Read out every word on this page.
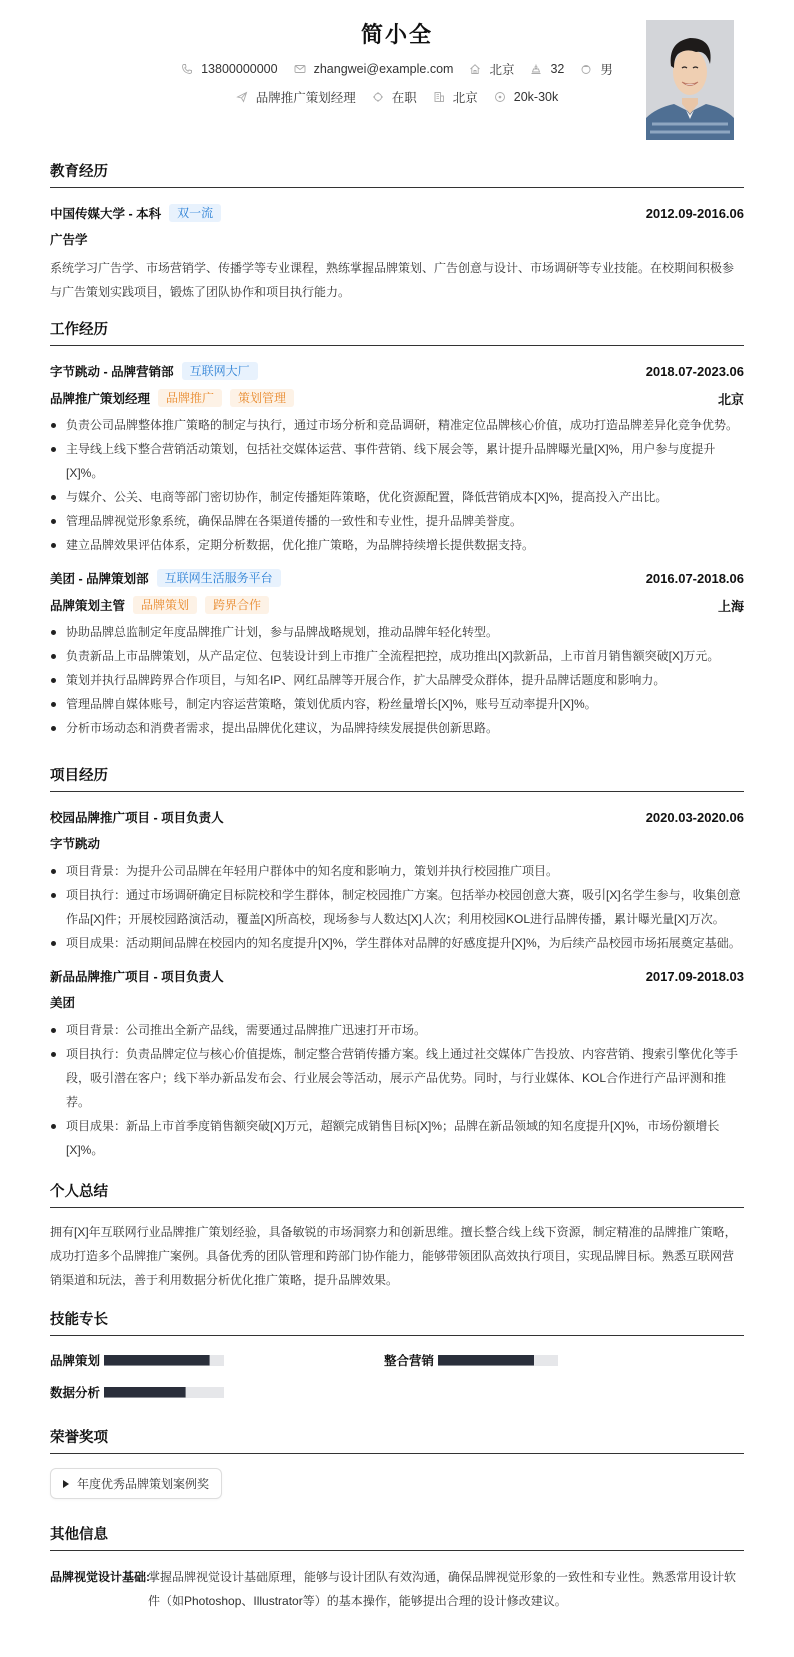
简小全
13800000000	zhangwei@example.com	北京	32	男
品牌推广策划经理	在职	北京	20k-30k
教育经历
中国传媒大学 - 本科	双一流	2012.09-2016.06
广告学
系统学习广告学、市场营销学、传播学等专业课程，熟练掌握品牌策划、广告创意与设计、市场调研等专业技能。在校期间积极参与广告策划实践项目，锻炼了团队协作和项目执行能力。
工作经历
字节跳动 - 品牌营销部	互联网大厂	2018.07-2023.06
品牌推广策划经理	品牌推广	策划管理	北京
负责公司品牌整体推广策略的制定与执行，通过市场分析和竞品调研，精准定位品牌核心价值，成功打造品牌差异化竞争优势。
主导线上线下整合营销活动策划，包括社交媒体运营、事件营销、线下展会等，累计提升品牌曝光量[X]%，用户参与度提升[X]%。
与媒介、公关、电商等部门密切协作，制定传播矩阵策略，优化资源配置，降低营销成本[X]%，提高投入产出比。
管理品牌视觉形象系统，确保品牌在各渠道传播的一致性和专业性，提升品牌美誉度。
建立品牌效果评估体系，定期分析数据，优化推广策略，为品牌持续增长提供数据支持。
美团 - 品牌策划部	互联网生活服务平台	2016.07-2018.06
品牌策划主管	品牌策划	跨界合作	上海
协助品牌总监制定年度品牌推广计划，参与品牌战略规划，推动品牌年轻化转型。
负责新品上市品牌策划，从产品定位、包装设计到上市推广全流程把控，成功推出[X]款新品，上市首月销售额突破[X]万元。
策划并执行品牌跨界合作项目，与知名IP、网红品牌等开展合作，扩大品牌受众群体，提升品牌话题度和影响力。
管理品牌自媒体账号，制定内容运营策略，策划优质内容，粉丝量增长[X]%，账号互动率提升[X]%。
分析市场动态和消费者需求，提出品牌优化建议，为品牌持续发展提供创新思路。
项目经历
校园品牌推广项目 - 项目负责人	2020.03-2020.06
字节跳动
项目背景：为提升公司品牌在年轻用户群体中的知名度和影响力，策划并执行校园推广项目。
项目执行：通过市场调研确定目标院校和学生群体，制定校园推广方案。包括举办校园创意大赛，吸引[X]名学生参与，收集创意作品[X]件；开展校园路演活动，覆盖[X]所高校，现场参与人数达[X]人次；利用校园KOL进行品牌传播，累计曝光量[X]万次。
项目成果：活动期间品牌在校园内的知名度提升[X]%，学生群体对品牌的好感度提升[X]%，为后续产品校园市场拓展奠定基础。
新品品牌推广项目 - 项目负责人	2017.09-2018.03
美团
项目背景：公司推出全新产品线，需要通过品牌推广迅速打开市场。
项目执行：负责品牌定位与核心价值提炼，制定整合营销传播方案。线上通过社交媒体广告投放、内容营销、搜索引擎优化等手段，吸引潜在客户；线下举办新品发布会、行业展会等活动，展示产品优势。同时，与行业媒体、KOL合作进行产品评测和推荐。
项目成果：新品上市首季度销售额突破[X]万元，超额完成销售目标[X]%；品牌在新品领域的知名度提升[X]%，市场份额增长[X]%。
个人总结
拥有[X]年互联网行业品牌推广策划经验，具备敏锐的市场洞察力和创新思维。擅长整合线上线下资源，制定精准的品牌推广策略，成功打造多个品牌推广案例。具备优秀的团队管理和跨部门协作能力，能够带领团队高效执行项目，实现品牌目标。熟悉互联网营销渠道和玩法，善于利用数据分析优化推广策略，提升品牌效果。
技能专长
品牌策划	整合营销
数据分析
荣誉奖项
年度优秀品牌策划案例奖
其他信息
品牌视觉设计基础:
掌握品牌视觉设计基础原理，能够与设计团队有效沟通，确保品牌视觉形象的一致性和专业性。熟悉常用设计软件（如Photoshop、Illustrator等）的基本操作，能够提出合理的设计修改建议。
